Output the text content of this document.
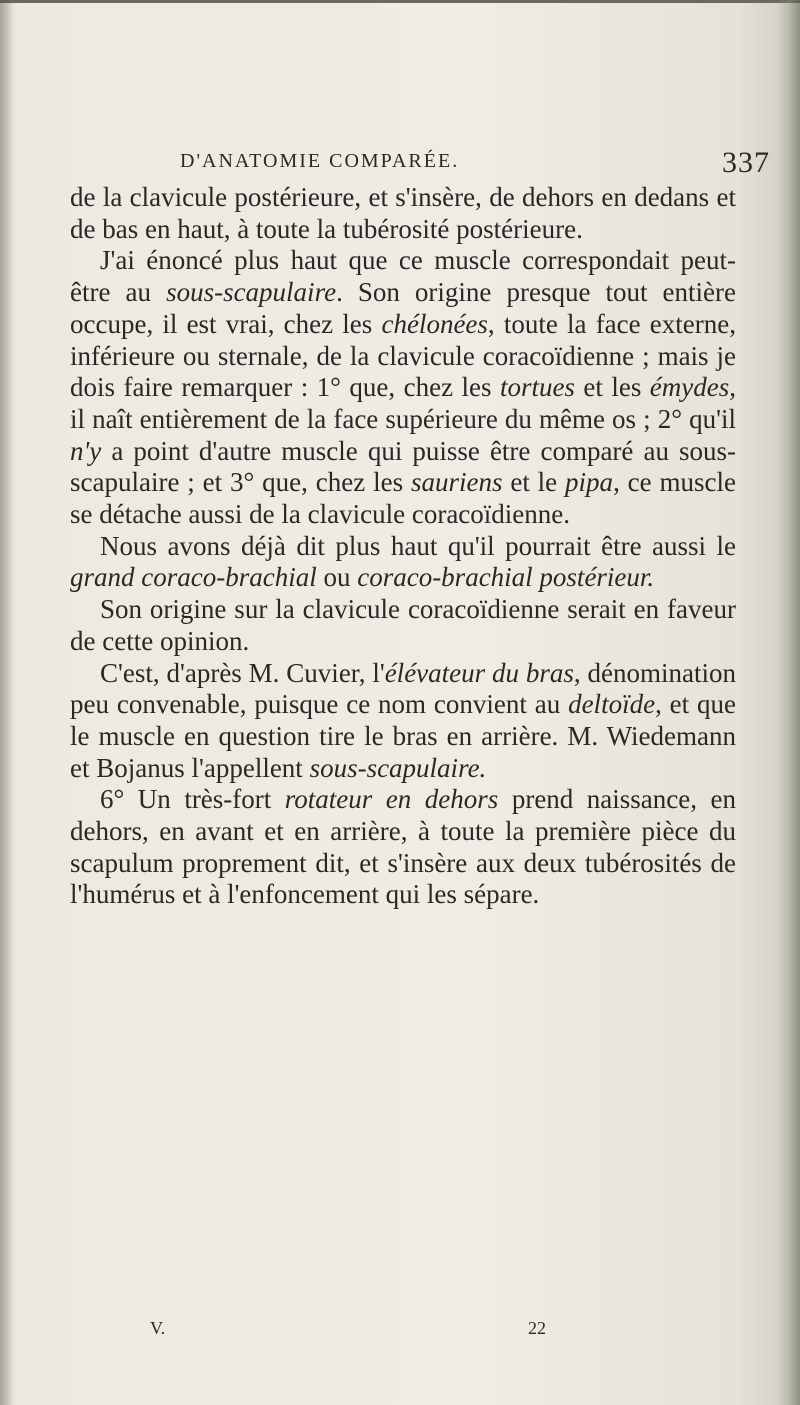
D'ANATOMIE COMPARÉE.	337

de la clavicule postérieure, et s'insère, de dehors en dedans et de bas en haut, à toute la tubérosité postérieure.

J'ai énoncé plus haut que ce muscle correspondait peut-être au sous-scapulaire. Son origine presque tout entière occupe, il est vrai, chez les chélonées, toute la face externe, inférieure ou sternale, de la clavicule coracoïdienne ; mais je dois faire remarquer : 1° que, chez les tortues et les émydes, il naît entièrement de la face supérieure du même os ; 2° qu'il n'y a point d'autre muscle qui puisse être comparé au sous-scapulaire ; et 3° que, chez les sauriens et le pipa, ce muscle se détache aussi de la clavicule coracoïdienne.

Nous avons déjà dit plus haut qu'il pourrait être aussi le grand coraco-brachial ou coraco-brachial postérieur.

Son origine sur la clavicule coracoïdienne serait en faveur de cette opinion.

C'est, d'après M. Cuvier, l'élévateur du bras, dénomination peu convenable, puisque ce nom convient au deltoïde, et que le muscle en question tire le bras en arrière. M. Wiedemann et Bojanus l'appellent sous-scapulaire.

6° Un très-fort rotateur en dehors prend naissance, en dehors, en avant et en arrière, à toute la première pièce du scapulum proprement dit, et s'insère aux deux tubérosités de l'humérus et à l'enfoncement qui les sépare.

V.	22
